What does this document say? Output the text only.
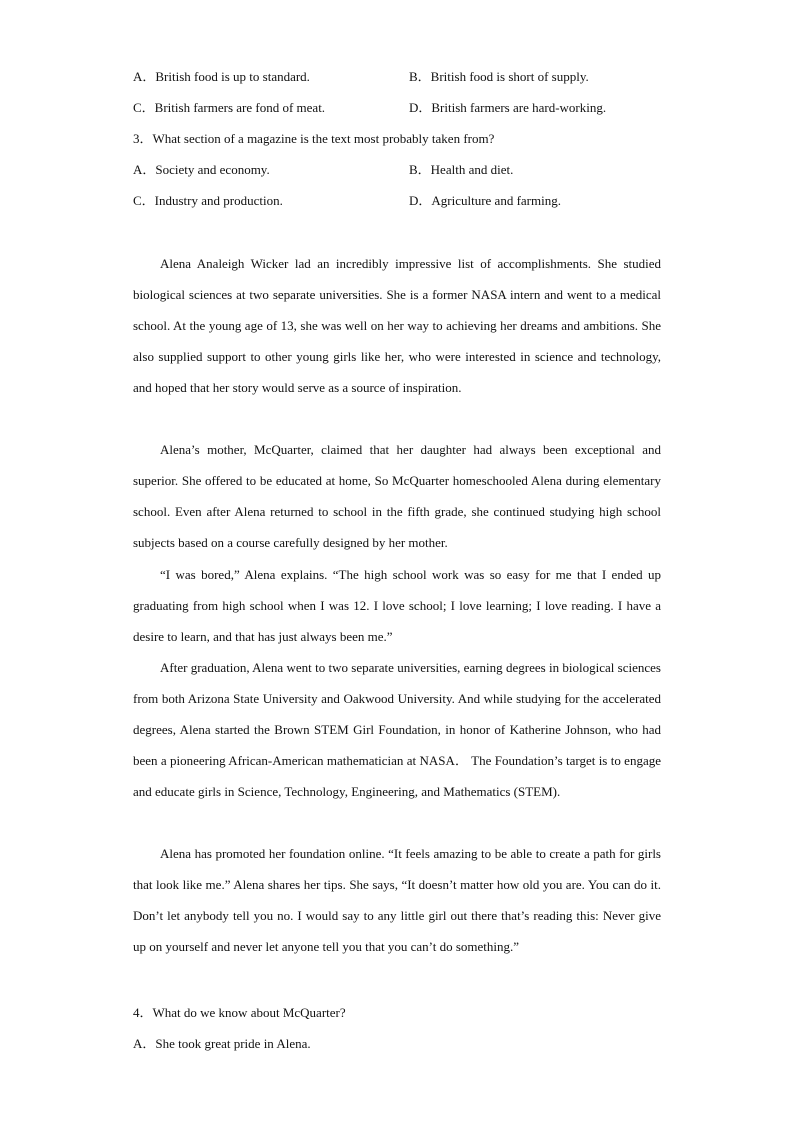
A．British food is up to standard.	B．British food is short of supply.
C．British farmers are fond of meat.	D．British farmers are hard-working.
3．What section of a magazine is the text most probably taken from?
A．Society and economy.	B．Health and diet.
C．Industry and production.	D．Agriculture and farming.

Alena Analeigh Wicker lad an incredibly impressive list of accomplishments. She studied biological sciences at two separate universities. She is a former NASA intern and went to a medical school. At the young age of 13, she was well on her way to achieving her dreams and ambitions. She also supplied support to other young girls like her, who were interested in science and technology, and hoped that her story would serve as a source of inspiration.

Alena’s mother, McQuarter, claimed that her daughter had always been exceptional and superior. She offered to be educated at home, So McQuarter homeschooled Alena during elementary school. Even after Alena returned to school in the fifth grade, she continued studying high school subjects based on a course carefully designed by her mother.

“I was bored,” Alena explains. “The high school work was so easy for me that I ended up graduating from high school when I was 12. I love school; I love learning; I love reading. I have a desire to learn, and that has just always been me.”

After graduation, Alena went to two separate universities, earning degrees in biological sciences from both Arizona State University and Oakwood University. And while studying for the accelerated degrees, Alena started the Brown STEM Girl Foundation, in honor of Katherine Johnson, who had been a pioneering African-American mathematician at NASA． The Foundation’s target is to engage and educate girls in Science, Technology, Engineering, and Mathematics (STEM).

Alena has promoted her foundation online. “It feels amazing to be able to create a path for girls that look like me.” Alena shares her tips. She says, “It doesn’t matter how old you are. You can do it. Don’t let anybody tell you no. I would say to any little girl out there that’s reading this: Never give up on yourself and never let anyone tell you that you can’t do something.”

4．What do we know about McQuarter?
A．She took great pride in Alena.
